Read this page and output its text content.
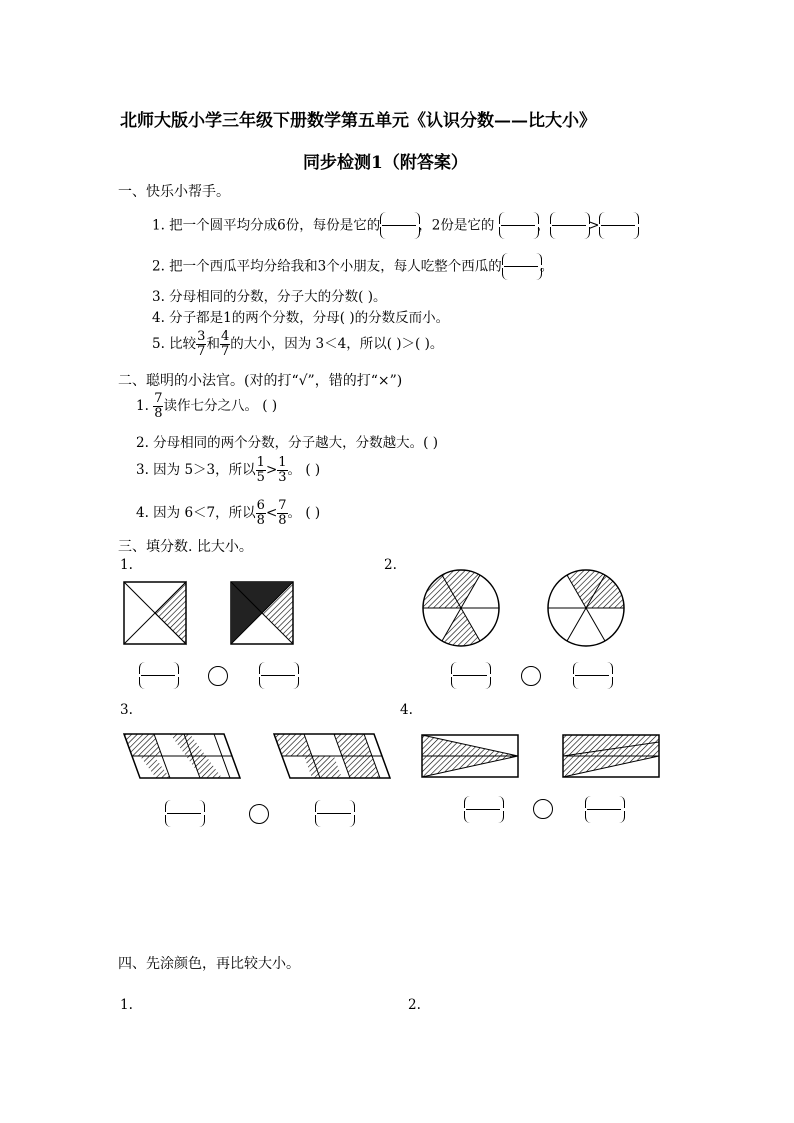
北师大版小学三年级下册数学第五单元《认识分数——比大小》
同步检测1（附答案）
一、快乐小帮手。
1. 把一个圆平均分成6份，每份是它的	，2份是它的	，	>
2. 把一个西瓜平均分给我和3个小朋友，每人吃整个西瓜的	。
3. 分母相同的分数，分子大的分数( )。
4. 分子都是1的两个分数，分母( )的分数反而小。
5. 比较 $\frac{3}{7}$ 和 $\frac{4}{7}$ 的大小，因为 3＜4，所以( )＞( )。
二、聪明的小法官。(对的打“√”，错的打“×”)
1. $\frac{7}{8}$ 读作七分之八。 ( )
2. 分母相同的两个分数，分子越大，分数越大。( )
3. 因为 5＞3，所以 $\frac{1}{5} > \frac{1}{3}$ 。 ( )
4. 因为 6＜7，所以 $\frac{6}{8} < \frac{7}{8}$ 。 ( )
三、填分数. 比大小。
1.	2.
3.	4.
四、先涂颜色，再比较大小。
1.	2.
